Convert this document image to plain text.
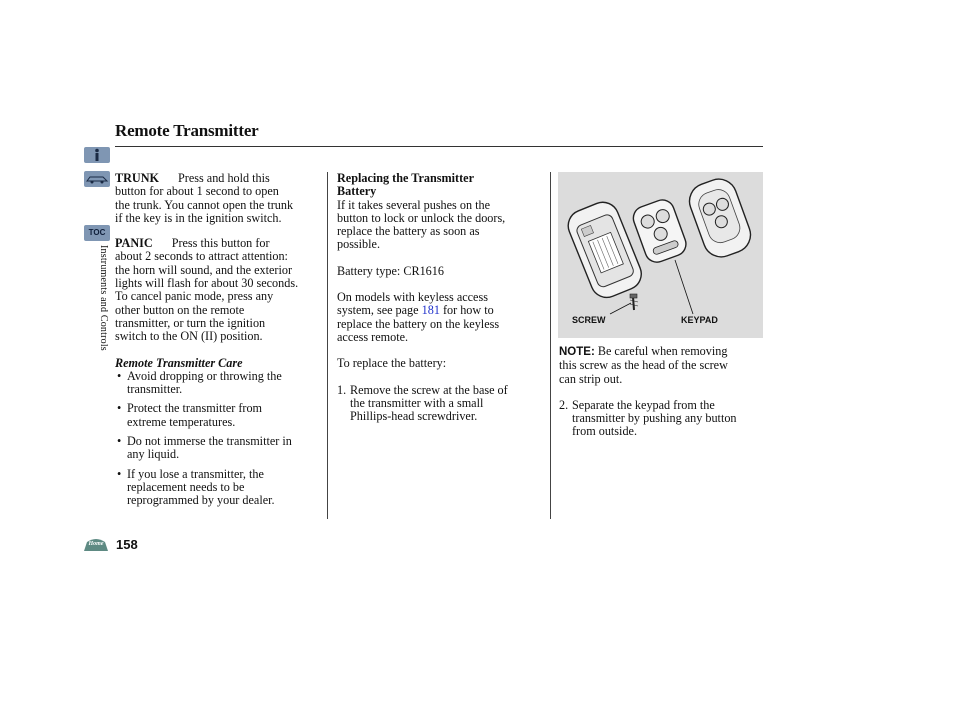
Remote Transmitter
TOC
Instruments and Controls

TRUNK Press and hold this

button for about 1 second to open

the trunk. You cannot open the trunk

if the key is in the ignition switch.

PANIC Press this button for

about 2 seconds to attract attention:

the horn will sound, and the exterior

lights will flash for about 30 seconds.

To cancel panic mode, press any

other button on the remote

transmitter, or turn the ignition

switch to the ON (II) position.

Remote Transmitter Care

• Avoid dropping or throwing the

transmitter.

• Protect the transmitter from

extreme temperatures.

• Do not immerse the transmitter in

any liquid.

• If you lose a transmitter, the

replacement needs to be

reprogrammed by your dealer.

Replacing the Transmitter

Battery

If it takes several pushes on the

button to lock or unlock the doors,

replace the battery as soon as

possible.

Battery type: CR1616

On models with keyless access

system, see page 181 for how to

replace the battery on the keyless

access remote.

To replace the battery:

1. Remove the screw at the base of

the transmitter with a small

Phillips-head screwdriver.

SCREW	KEYPAD

NOTE: Be careful when removing

this screw as the head of the screw

can strip out.

2. Separate the keypad from the

transmitter by pushing any button

from outside.

Home 158
